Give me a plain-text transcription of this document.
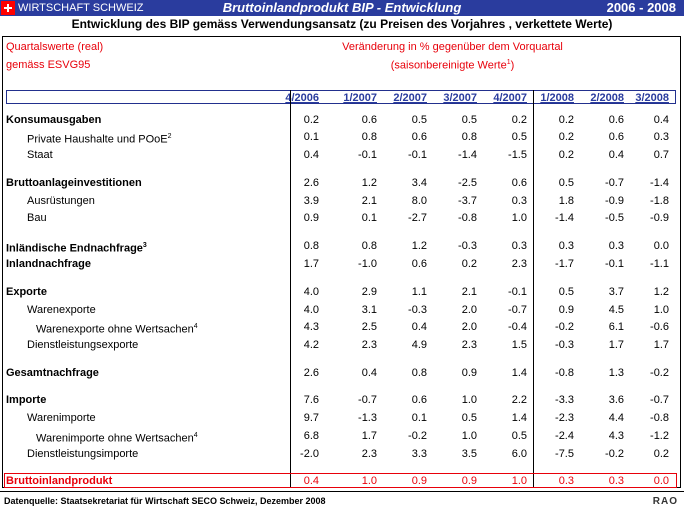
WIRTSCHAFT SCHWEIZ	Bruttoinlandprodukt BIP - Entwicklung	2006 - 2008
Entwicklung des BIP gemäss Verwendungsansatz (zu Preisen des Vorjahres , verkettete Werte)
Quartalswerte (real)
gemäss ESVG95
Veränderung in % gegenüber dem Vorquartal
(saisonbereinigte Werte$^1$)
4/2006 1/2007 2/2007 3/2007 4/2007 1/2008 2/2008 3/2008
Konsumausgaben	0.2	0.6	0.5	0.5	0.2	0.2	0.6	0.4
Private Haushalte und POoE$^2$	0.1	0.8	0.6	0.8	0.5	0.2	0.6	0.3
Staat	0.4	-0.1	-0.1	-1.4	-1.5	0.2	0.4	0.7
Bruttoanlageinvestitionen	2.6	1.2	3.4	-2.5	0.6	0.5	-0.7	-1.4
Ausrüstungen	3.9	2.1	8.0	-3.7	0.3	1.8	-0.9	-1.8
Bau	0.9	0.1	-2.7	-0.8	1.0	-1.4	-0.5	-0.9
Inländische Endnachfrage$^3$	0.8	0.8	1.2	-0.3	0.3	0.3	0.3	0.0
Inlandnachfrage	1.7	-1.0	0.6	0.2	2.3	-1.7	-0.1	-1.1
Exporte	4.0	2.9	1.1	2.1	-0.1	0.5	3.7	1.2
Warenexporte	4.0	3.1	-0.3	2.0	-0.7	0.9	4.5	1.0
Warenexporte ohne Wertsachen$^4$	4.3	2.5	0.4	2.0	-0.4	-0.2	6.1	-0.6
Dienstleistungsexporte	4.2	2.3	4.9	2.3	1.5	-0.3	1.7	1.7
Gesamtnachfrage	2.6	0.4	0.8	0.9	1.4	-0.8	1.3	-0.2
Importe	7.6	-0.7	0.6	1.0	2.2	-3.3	3.6	-0.7
Warenimporte	9.7	-1.3	0.1	0.5	1.4	-2.3	4.4	-0.8
Warenimporte ohne Wertsachen$^4$	6.8	1.7	-0.2	1.0	0.5	-2.4	4.3	-1.2
Dienstleistungsimporte	-2.0	2.3	3.3	3.5	6.0	-7.5	-0.2	0.2
Bruttoinlandprodukt	0.4	1.0	0.9	0.9	1.0	0.3	0.3	0.0
Datenquelle: Staatsekretariat für Wirtschaft SECO Schweiz, Dezember 2008	RAO
